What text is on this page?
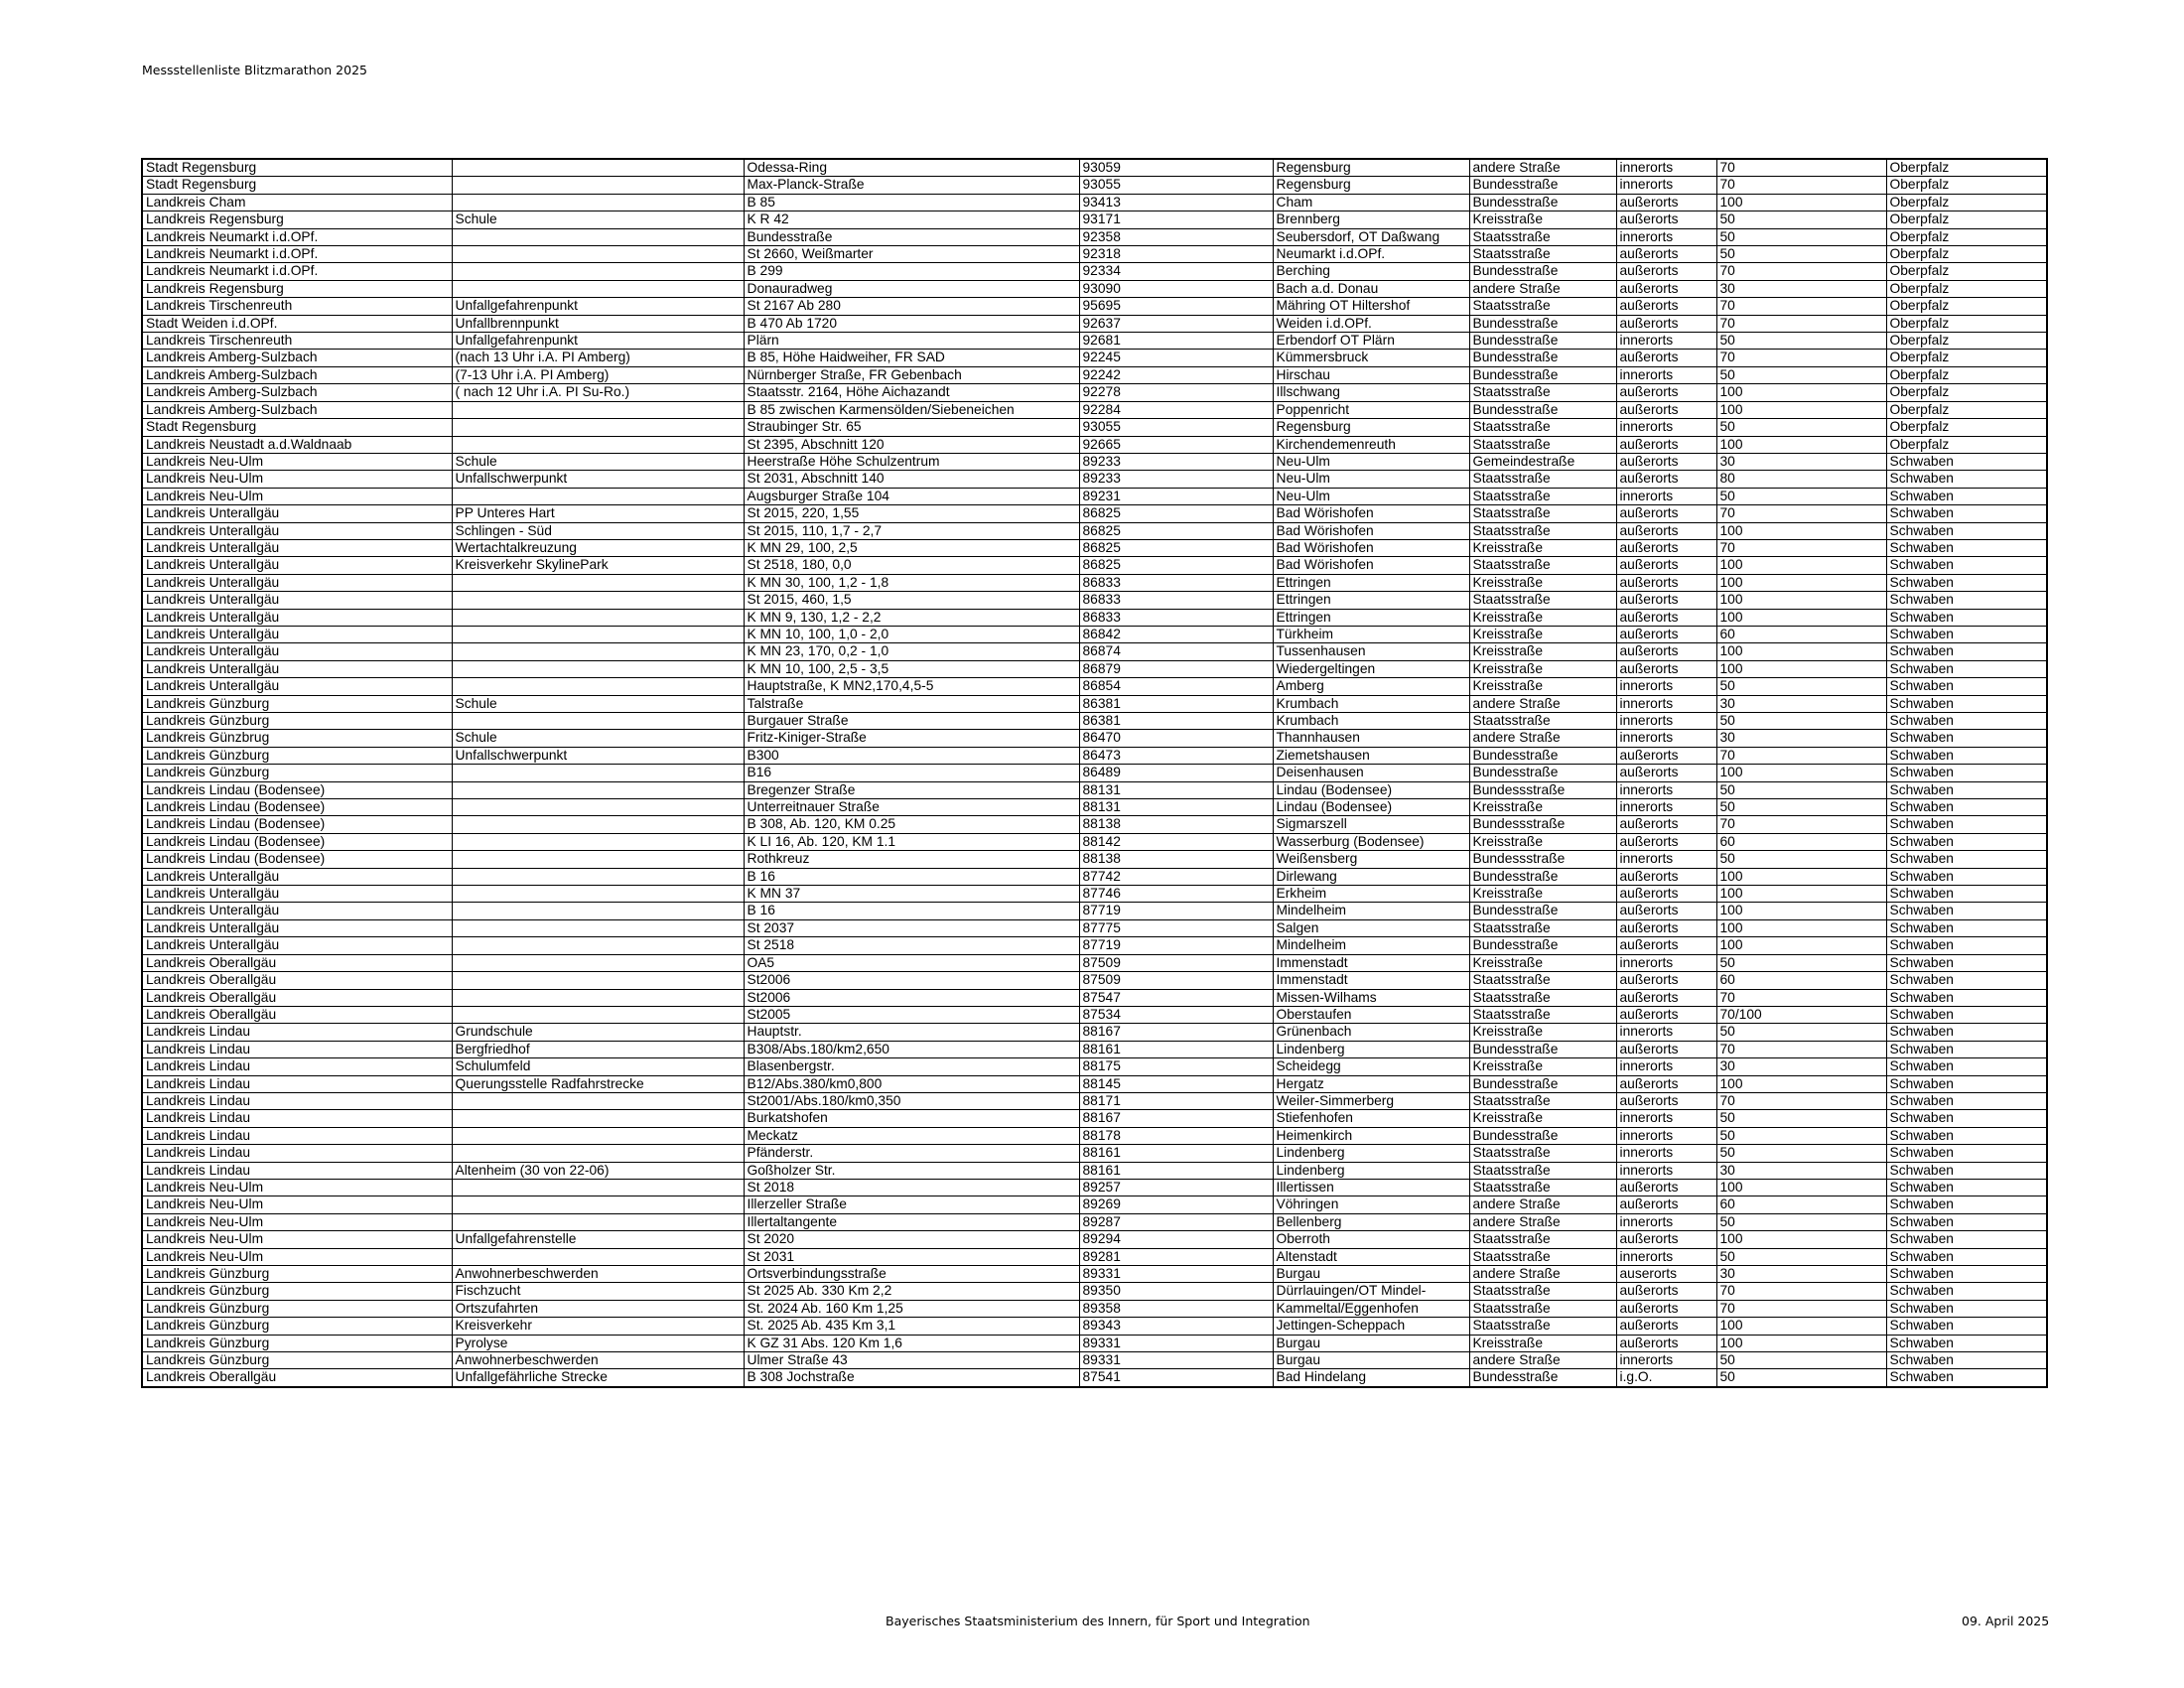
Messstellenliste Blitzmarathon 2025
Stadt Regensburg		Odessa-Ring	93059	Regensburg	andere Straße	innerorts	70	Oberpfalz
Stadt Regensburg		Max-Planck-Straße	93055	Regensburg	Bundesstraße	innerorts	70	Oberpfalz
Landkreis Cham		B 85	93413	Cham	Bundesstraße	außerorts	100	Oberpfalz
Landkreis Regensburg	Schule	K R 42	93171	Brennberg	Kreisstraße	außerorts	50	Oberpfalz
Landkreis Neumarkt i.d.OPf.		Bundesstraße	92358	Seubersdorf, OT Daßwang	Staatsstraße	innerorts	50	Oberpfalz
Landkreis Neumarkt i.d.OPf.		St 2660, Weißmarter	92318	Neumarkt i.d.OPf.	Staatsstraße	außerorts	50	Oberpfalz
Landkreis Neumarkt i.d.OPf.		B 299	92334	Berching	Bundesstraße	außerorts	70	Oberpfalz
Landkreis Regensburg		Donauradweg	93090	Bach a.d. Donau	andere Straße	außerorts	30	Oberpfalz
Landkreis Tirschenreuth	Unfallgefahrenpunkt	St 2167 Ab 280	95695	Mähring OT Hiltershof	Staatsstraße	außerorts	70	Oberpfalz
Stadt Weiden i.d.OPf.	Unfallbrennpunkt	B 470 Ab 1720	92637	Weiden i.d.OPf.	Bundesstraße	außerorts	70	Oberpfalz
Landkreis Tirschenreuth	Unfallgefahrenpunkt	Plärn	92681	Erbendorf OT Plärn	Bundesstraße	innerorts	50	Oberpfalz
Landkreis Amberg-Sulzbach	(nach 13 Uhr i.A. PI Amberg)	B 85, Höhe Haidweiher, FR SAD	92245	Kümmersbruck	Bundesstraße	außerorts	70	Oberpfalz
Landkreis Amberg-Sulzbach	(7-13 Uhr i.A. PI Amberg)	Nürnberger Straße, FR Gebenbach	92242	Hirschau	Bundesstraße	innerorts	50	Oberpfalz
Landkreis Amberg-Sulzbach	( nach 12 Uhr i.A. PI Su-Ro.)	Staatsstr. 2164, Höhe Aichazandt	92278	Illschwang	Staatsstraße	außerorts	100	Oberpfalz
Landkreis Amberg-Sulzbach		B 85 zwischen Karmensölden/Siebeneichen	92284	Poppenricht	Bundesstraße	außerorts	100	Oberpfalz
Stadt Regensburg		Straubinger Str. 65	93055	Regensburg	Staatsstraße	innerorts	50	Oberpfalz
Landkreis Neustadt a.d.Waldnaab		St 2395, Abschnitt 120	92665	Kirchendemenreuth	Staatsstraße	außerorts	100	Oberpfalz
Landkreis Neu-Ulm	Schule	Heerstraße Höhe Schulzentrum	89233	Neu-Ulm	Gemeindestraße	außerorts	30	Schwaben
Landkreis Neu-Ulm	Unfallschwerpunkt	St 2031, Abschnitt 140	89233	Neu-Ulm	Staatsstraße	außerorts	80	Schwaben
Landkreis Neu-Ulm		Augsburger Straße 104	89231	Neu-Ulm	Staatsstraße	innerorts	50	Schwaben
Landkreis Unterallgäu	PP Unteres Hart	St 2015, 220, 1,55	86825	Bad Wörishofen	Staatsstraße	außerorts	70	Schwaben
Landkreis Unterallgäu	Schlingen - Süd	St 2015, 110, 1,7 - 2,7	86825	Bad Wörishofen	Staatsstraße	außerorts	100	Schwaben
Landkreis Unterallgäu	Wertachtalkreuzung	K MN 29, 100, 2,5	86825	Bad Wörishofen	Kreisstraße	außerorts	70	Schwaben
Landkreis Unterallgäu	Kreisverkehr SkylinePark	St 2518, 180, 0,0	86825	Bad Wörishofen	Staatsstraße	außerorts	100	Schwaben
Landkreis Unterallgäu		K MN 30, 100, 1,2 - 1,8	86833	Ettringen	Kreisstraße	außerorts	100	Schwaben
Landkreis Unterallgäu		St 2015, 460, 1,5	86833	Ettringen	Staatsstraße	außerorts	100	Schwaben
Landkreis Unterallgäu		K MN 9, 130, 1,2 - 2,2	86833	Ettringen	Kreisstraße	außerorts	100	Schwaben
Landkreis Unterallgäu		K MN 10, 100, 1,0 - 2,0	86842	Türkheim	Kreisstraße	außerorts	60	Schwaben
Landkreis Unterallgäu		K MN 23, 170, 0,2 - 1,0	86874	Tussenhausen	Kreisstraße	außerorts	100	Schwaben
Landkreis Unterallgäu		K MN 10, 100, 2,5 - 3,5	86879	Wiedergeltingen	Kreisstraße	außerorts	100	Schwaben
Landkreis Unterallgäu		Hauptstraße, K MN2,170,4,5-5	86854	Amberg	Kreisstraße	innerorts	50	Schwaben
Landkreis Günzburg	Schule	Talstraße	86381	Krumbach	andere Straße	innerorts	30	Schwaben
Landkreis Günzburg		Burgauer Straße	86381	Krumbach	Staatsstraße	innerorts	50	Schwaben
Landkreis Günzbrug	Schule	Fritz-Kiniger-Straße	86470	Thannhausen	andere Straße	innerorts	30	Schwaben
Landkreis Günzburg	Unfallschwerpunkt	B300	86473	Ziemetshausen	Bundesstraße	außerorts	70	Schwaben
Landkreis Günzburg		B16	86489	Deisenhausen	Bundesstraße	außerorts	100	Schwaben
Landkreis Lindau (Bodensee)		Bregenzer Straße	88131	Lindau (Bodensee)	Bundessstraße	innerorts	50	Schwaben
Landkreis Lindau (Bodensee)		Unterreitnauer Straße	88131	Lindau (Bodensee)	Kreisstraße	innerorts	50	Schwaben
Landkreis Lindau (Bodensee)		B 308, Ab. 120, KM 0.25	88138	Sigmarszell	Bundessstraße	außerorts	70	Schwaben
Landkreis Lindau (Bodensee)		K LI 16, Ab. 120, KM 1.1	88142	Wasserburg (Bodensee)	Kreisstraße	außerorts	60	Schwaben
Landkreis Lindau (Bodensee)		Rothkreuz	88138	Weißensberg	Bundessstraße	innerorts	50	Schwaben
Landkreis Unterallgäu		B 16	87742	Dirlewang	Bundesstraße	außerorts	100	Schwaben
Landkreis Unterallgäu		K MN 37	87746	Erkheim	Kreisstraße	außerorts	100	Schwaben
Landkreis Unterallgäu		B 16	87719	Mindelheim	Bundesstraße	außerorts	100	Schwaben
Landkreis Unterallgäu		St 2037	87775	Salgen	Staatsstraße	außerorts	100	Schwaben
Landkreis Unterallgäu		St 2518	87719	Mindelheim	Bundesstraße	außerorts	100	Schwaben
Landkreis Oberallgäu		OA5	87509	Immenstadt	Kreisstraße	innerorts	50	Schwaben
Landkreis Oberallgäu		St2006	87509	Immenstadt	Staatsstraße	außerorts	60	Schwaben
Landkreis Oberallgäu		St2006	87547	Missen-Wilhams	Staatsstraße	außerorts	70	Schwaben
Landkreis Oberallgäu		St2005	87534	Oberstaufen	Staatsstraße	außerorts	70/100	Schwaben
Landkreis Lindau	Grundschule	Hauptstr.	88167	Grünenbach	Kreisstraße	innerorts	50	Schwaben
Landkreis Lindau	Bergfriedhof	B308/Abs.180/km2,650	88161	Lindenberg	Bundesstraße	außerorts	70	Schwaben
Landkreis Lindau	Schulumfeld	Blasenbergstr.	88175	Scheidegg	Kreisstraße	innerorts	30	Schwaben
Landkreis Lindau	Querungsstelle Radfahrstrecke	B12/Abs.380/km0,800	88145	Hergatz	Bundesstraße	außerorts	100	Schwaben
Landkreis Lindau		St2001/Abs.180/km0,350	88171	Weiler-Simmerberg	Staatsstraße	außerorts	70	Schwaben
Landkreis Lindau		Burkatshofen	88167	Stiefenhofen	Kreisstraße	innerorts	50	Schwaben
Landkreis Lindau		Meckatz	88178	Heimenkirch	Bundesstraße	innerorts	50	Schwaben
Landkreis Lindau		Pfänderstr.	88161	Lindenberg	Staatsstraße	innerorts	50	Schwaben
Landkreis Lindau	Altenheim (30 von 22-06)	Goßholzer Str.	88161	Lindenberg	Staatsstraße	innerorts	30	Schwaben
Landkreis Neu-Ulm		St 2018	89257	Illertissen	Staatsstraße	außerorts	100	Schwaben
Landkreis Neu-Ulm		Illerzeller Straße	89269	Vöhringen	andere Straße	außerorts	60	Schwaben
Landkreis Neu-Ulm		Illertaltangente	89287	Bellenberg	andere Straße	innerorts	50	Schwaben
Landkreis Neu-Ulm	Unfallgefahrenstelle	St 2020	89294	Oberroth	Staatsstraße	außerorts	100	Schwaben
Landkreis Neu-Ulm		St 2031	89281	Altenstadt	Staatsstraße	innerorts	50	Schwaben
Landkreis Günzburg	Anwohnerbeschwerden	Ortsverbindungsstraße	89331	Burgau	andere Straße	auserorts	30	Schwaben
Landkreis Günzburg	Fischzucht	St 2025 Ab. 330 Km 2,2	89350	Dürrlauingen/OT Mindel-	Staatsstraße	außerorts	70	Schwaben
Landkreis Günzburg	Ortszufahrten	St. 2024 Ab. 160 Km 1,25	89358	Kammeltal/Eggenhofen	Staatsstraße	außerorts	70	Schwaben
Landkreis Günzburg	Kreisverkehr	St. 2025 Ab. 435 Km 3,1	89343	Jettingen-Scheppach	Staatsstraße	außerorts	100	Schwaben
Landkreis Günzburg	Pyrolyse	K GZ 31 Abs. 120 Km 1,6	89331	Burgau	Kreisstraße	außerorts	100	Schwaben
Landkreis Günzburg	Anwohnerbeschwerden	Ulmer Straße 43	89331	Burgau	andere Straße	innerorts	50	Schwaben
Landkreis Oberallgäu	Unfallgefährliche Strecke	B 308 Jochstraße	87541	Bad Hindelang	Bundesstraße	i.g.O.	50	Schwaben
Bayerisches Staatsministerium des Innern, für Sport und Integration	09. April 2025
